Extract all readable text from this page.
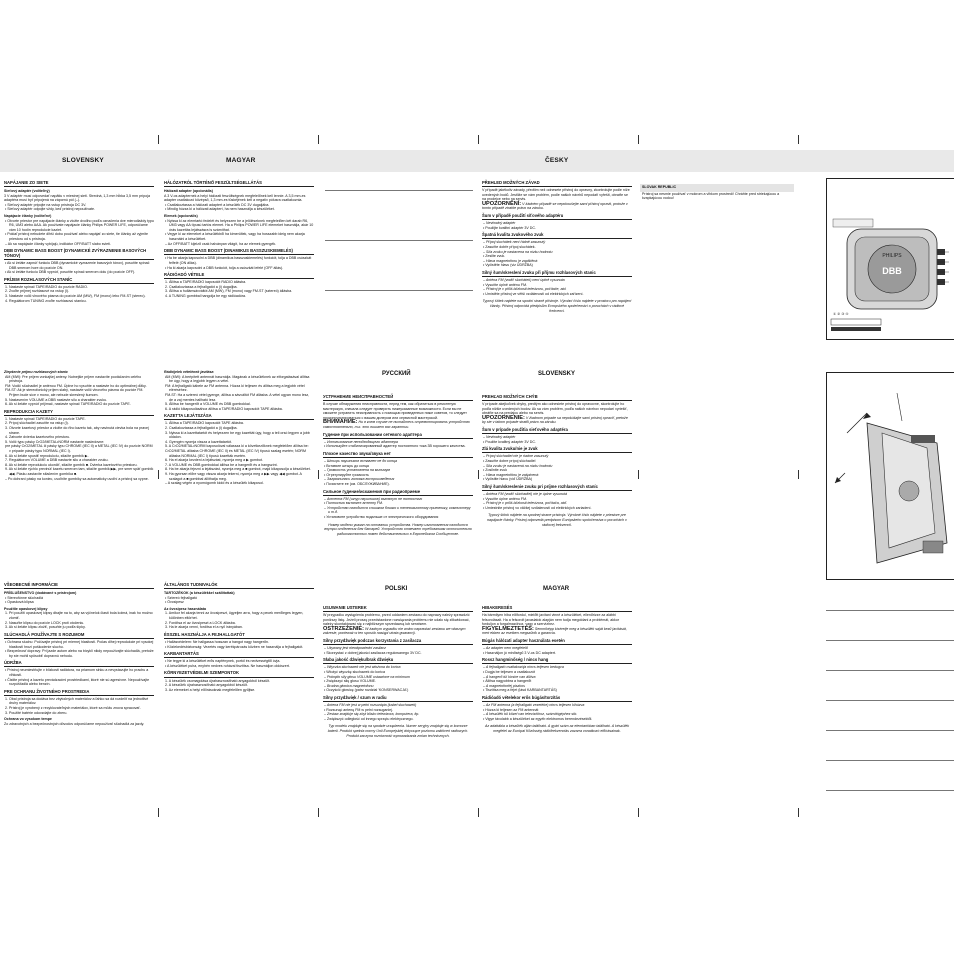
SLOVENSKY	MAGYAR	ČESKY
NAPÁJANIE ZO SIETE
Sieťový adaptér (voliteľný)

3 V adaptér musí odpovedať napätiu v miestnej sieti. Stredná, 1,3 mm hĺbka 3,5 mm prípoja adaptéra musí byť pripojená na zápornú pól (–).

• Sieťový adaptér pripojte na vstup prístroja DC 3V.

• Sieťový adaptér odpojte vždy, keď prístroj nepoužívate.

Napájacie články (voliteľné)

• Otvorte priestor pre napájacie články a vložte dvoliho podľa označenia dve mierodlaždy typu R6, UM3 alebo AAA. Ak používate napájacie články Philips POWER LIFE, odporúčame vám 10 hodín reprodukcie kaziet.

• Pokiaľ prístroj nebudete dlhší dobu používať alebo napájať zo siete, tie články až vyjmite priestoru od s prístroja.

– Ak sa napájacie články vybíjajú, indikátor OFF/BATT slabo svieti.

DBB DYNAMIC BASS BOOST (DYNAMICKÉ ZVÝRAZNENIE BASOVÝCH TÓNOV)

• Ak si želáte zapnúť funkciu DBB (dynamické vyzrazenie basových tónov), posuňte spínač DBB smerom hore do pozície ON.

• Ak si želáte funkciu DBB vypnúť, posuňte spínač smerom dolu (do pozície OFF).

PRÍJEM ROZHLASOVÝCH STANÍC

1. Nastavte spínač TAPE/RADIO do pozície RADIO.

2. Zvoľte príjmej rozhlasové na vstup (i).

3. Nastavte volič vlnového pásma do pozície AM (MW), FM (mono) lebo FM-ST (stereo).

4. Regulátorom TUNING zvoľte rozhlasovú stanicu.

Zlepšenie príjmu rozhlasových staníc

AM (MW): Pre príjem vonkajšej anteny. Nutnejšie príjem nastavíte pootáčaním celého prístroja.

FM: Vodič slúchadiel je anténou FM. Úplne ho vysuňte a nastavte ho do optimálnej dĺžky.

FM-ST: Ak je stereofonický príjem slabý, nastavte volič vlnového pásma do pozície FM. Príjem bude síce v mono, ale nebude skreslený šumom.

5. Nastavením VOLUME a DBB nastavte silu a charakter zvuku.

6. Ak si želáte vypnúť prijímač, nastavte spínač TAPE/RADIO do pozície TAPE.

REPRODUKCIA KAZETY

1. Nastavte spínač TAPE/RADIO do pozície TAPE.

2. Prípoj slúchadiel zasuňte na vstup (i).

3. Otvorte kazetový priestor a vložte do ňho kazetu tak, aby navinutá cievka bola na pravej strane.

4. Zatvorte dvierka kazetového priestoru.

5. Volič typu pásky CrO2/METAL•NORM nastavte nasledovne:

pre pásky CrO2/METAL či pásky typu CHROME (IEC II) a METAL (IEC IV) do pozície NORM v prípade pásky typu NORMAL (IEC I).

6. Ak si želáte spustiť reprodukciu, stlačte gombík ▶.

7. Regulátorom VOLUME a DBB nastavte silu a charakter zvuku.

8. Ak si želáte reprodukciu ukončiť, stlačte gombík ■. Dvierka kazetového priestoru.

9. Ak si želáte rýchlo previnúť kazetu smerom tam, stlačte gombík ▶▶, pre smer späť gombík ◀◀. Pásku zastavíte stlačením gombíka ■.

– Po dohraní pásky na koniec, uvoľnite gombíky sa automaticky uvoľní a prístroj sa vypne.

VŠEOBECNÉ INFORMÁCIE
PRÍSLUŠENSTVO (dodávané s prístrojom)

• Stereofónne slúchadlá

• Opasková klipsa

Použitie opaskovej klipsy

1. Pri použití opaskovej klipsy dbajte na to, aby sa výčnelok čiastí bola kolmá, inak ho možno zlomiť.

2. Nasuňte klipsu do pozície LOCK proti otočeniu.

3. Ak si želáte klipsu zložiť, posuňte ju podľa šípky.

SLÚCHADLÁ POUŽÍVAJTE S ROZUMOM

• Ochrana sluchu: Počúvajte prístroj pri miernej hlasitosti. Počas dlhej reprodukcie pri vysokej hlasitosti hrozí poškodenie sluchu.

• Bezpečnosť dopravy: Pri jazde autom alebo na bicykli nikdy nepoužívajte slúchadlá, pretože by ste mohli spôsobiť dopravnú nehodu.

ÚDRŽBA

• Prístroj neumiestňujte v blízkosti radiátora, na priamom slnku a nevystavujte ho prachu a vlhkosti.

• Čistite prístroj a kazetu prevádzacími prostriedkami, ktoré nie sú agresívne. Nepoužívajte rozpúšťadlá alebo benzín.

PRE OCHRANU ŽIVOTNÉHO PROSTREDIA

1. Obal prístroja sa dodáva bez zbytočných materiálov a ľahko sa dá rozdeliť na jednotlivé druhy materiálov.

2. Prístroj je vyrobený z recyklovateľných materiálov, ktoré sa môžu znova spracovať.

3. Použité batérie odovzdajte do zberu.

Ochrana vo vysokom tempe

Zo zdravotných a bezpečnostných dôvodov odporúčame nepoužívať slúchadlá za jazdy.

HÁLÓZATRÓL TÖRTÉNŐ FESZÜLTSÉGELLÁTÁS
Hálózati adapter (opcionális)

A 3 V-os adapternek a helyi hálózati feszültségnek megfelelőnek kell lennie. A 3,5 mm-es adapter csatlakozó középső, 1,3 mm-es tüskéjének kell a negatív pólusra csatlakoznia.

• Csatlakoztassa a hálózati adaptert a készülék DC 3V dugaljába.

• Mindig húzza ki a hálózati adaptert, ha nem használja a készüléket.

Elemek (opcionális)

• Nyissa ki az elemtartó fedelét és helyezzen be a jelöléseknek megfelelően két darab R6, UM3 vagy AA típusú tartós elemet. Ha a Philips POWER LIFE elemeket használja, akár 10 órás kazettás lejátszásra is számíthat.

• Vegye ki az elemeket a készülékből ha kimerültek, vagy ha hosszabb ideig nem akarja használni a készüléket.

– Az OFF/BATT kijelző csak halványan világít, ha az elemek gyengék.

DBB DYNAMIC BASS BOOST (DINAMIKUS BASSZUSKIEMELÉS)

• Ha be akarja kapcsolni a DBB (dinamikus basszuskiemelés) funkciót, tolja a DBB csúszkát felfelé (ON állás).

• Ha ki akarja kapcsolni a DBB funkciót, tolja a csúszkát lefelé (OFF állás).

RÁDIÓADÓ VÉTELE

1. Állítsa a TAPE/RADIO kapcsolót RADIO állásba.

2. Csatlakoztassa a fejhallgatót a (i) dugaljba.

3. Állítsa a hullámsávváltót AM (MW), FM (mono) vagy FM-ST (sztereó) állásba.

4. A TUNING gombbal hangolja be egy rádióadóra.

Rádiójelek vételének javítása

AM (MW): A beépített antennát használja. Magának a készüléknek az elforgatásával állítsa be úgy, hogy a legjobb legyen a vétel.

FM: A fejhallgató kábele az FM antenna. Húzza ki teljesen és állítsa meg a legjobb vétel eléréséhez.

FM-ST: Ha a sztereó vétel gyenge, állítsa a sávváltót FM állásba. A vétel ugyan mono lesz, de a zaj mentes hallható lesz.

5. Állítsa be hangerőt a VOLUME és DBB gombokkal.

6. A rádió kikapcsolásához állítsa a TAPE/RADIO kapcsolót TAPE állásba.

KAZETTA LEJÁTSZÁSA

1. Állítsa a TAPE/RADIO kapcsolót TAPE állásba.

2. Csatlakoztassa a fejhallgatót a (i) dugaljba.

3. Nyissa ki a kazettatartót és helyezzen be egy kazettát úgy, hogy a teli orsó legyen a jobb oldalon.

4. Gyengén nyomja vissza a kazettatartót.

5. A CrO2/METAL•NORM kapcsolóval válassza ki a következőknek megfelelően állítsa be:

CrO2/METAL állásba CHROME (IEC II) és METAL (IEC IV) típusú szalag esetén; NORM állásba NORMAL (IEC I) típusú kazetták esetén.

6. Ha el akarja kezdeni a lejátszást, nyomja meg a ▶ gombot.

7. A VOLUME és DBB gombokkal állítsa be a hangerőt és a hangszínt.

8. Ha be akarja fejezni a lejátszást, nyomja meg a ■ gombot, majd kikapcsolja a készüléket.

9. Ha gyorsan előre vagy vissza akarja tekerni, nyomja meg a ▶▶ vagy ◀◀ gombot. A szalagot a ■ gombbal állíthatja meg.

– A szalag végén a nyomógomb kiold és a készülék kikapcsol.

ÁLTALÁNOS TUDNIVALÓK
TARTOZÉKOK (a készülékkel szállítottak)

• Sztereó fejhallgató

• Övcsipesz

Az övcsipesz használata

1. Amikor fel akarja tenni az övcsipeszt, ügyeljen arra, hogy a pecek merőleges legyen, különben eltörhet.

2. Fordítsa el az övcsipeszt a LOCK állásba.

3. Ha le akarja venni, fordítsa el a nyíl irányában.

ÉSSZEL HASZNÁLJA A FEJHALLGATÓT

• Hallásvédelem: Ne hallgassa hosszan a hangot nagy hangerőn.

• Közlekedésbiztonság: Vezetés vagy kerékpározás közben ne használja a fejhallgatót.

KARBANTARTÁS

• Ne tegye ki a készüléket erős napfénynek, portól és nedvességtől óvja.

• A készüléket puha, enyhén nedves ruhával tisztítsa. Ne használjon oldószert.

KÖRNYEZETVÉDELMI SZEMPONTOK

1. A készülék csomagolása újrahasznosítható anyagokból készült.

2. A készülék újrahasznosítható anyagokból készült.

3. Az elemeket a helyi előírásoknak megfelelően gyűjtse.

PŘEHLED MOŽNÝCH ZÁVAD

V případě jakékoliv závady, předtím než odnesete přístroj do opravny, zkontrolujte podle níže uvedených bodů. Jestliže se vám problém, podle našich návrhů nepodaří vyřešit, obraťte se na prodejce nebo na servis.

UPOZORNĚNÍ: V žádném případě se nepokoušejte sami přístroj opravit, protože v tomto případě ztratíte právo na záruku.

Šum v případě použití síťového adaptéru

– Nevhodný adaptér

• Použijte kvalitní adaptér 3V DC.

Špatná kvalita zvukového zvuk

– Přípoj sluchátek není řádně zasunutý

• Zasuňte dobře přípoj sluchátek.

– Síla zvuku je nastavena na nízku hodnotu

• Zesilte zvuk.

– Hlava magnetofonu je zaplštěná

• Vyčistěte hlavu (viz ÚDRŽBA)

Silný šum/skreslení zvuku při příjmu rozhlasových stanic

– Anténa FM (vodič sluchátek) není úplně vysunuta

• Vysuňte úplně anténu FM.

– Přístroj je v příliš blízkosti televizoru, počítače, atd.

• Umístěte přístroj ve větší vzdálenosti od elektrických zařízení.

Typový štítek najdete na spodní straně přístroje. Výrobní číslo najdete v prostoru pro napájecí články. Přístroj odpovídá předpisům Evropského společenství o poruchách v rádiové frekvenci.

SLOVAK REPUBLIC

Prístroj sa nesmie používať v mokrom a vlhkom prostredí! Chráňte pred striekajúcou a kvapkajúcou vodou!

DBB
PHILIPS
① ② ③ ④
РУССКИЙ	SLOVENSKY
УСТРАНЕНИЕ НЕИСПРАВНОСТЕЙ

В случае обнаружения неисправности, перед тем, как обратиться в ремонтную мастерскую, сначала следует проверить нижеуказанные возможности. Если вы не сможете устранить неисправность с помощью приведенных ниже советов, то следует проконсультироваться с вашим дилером или сервисной мастерской.

ВНИМАНИЕ: Ни в коем случае не пытайтесь отремонтировать устройство самостоятельно, т.к. это лишает вас гарантии.

Гудение при использовании сетевого адаптера

– Использование неподходящего адаптера

• Используйте стабилизированный адаптер постоянного тока 3В хорошего качества.

Плохое качество звука/звука нет

– Штырь наушников вставлен не до конца

• Вставьте штырь до конца

– Громкость установлена на минимум

• Отрегулируйте громкость

– Загрязнилась головка воспроизведения

• Почистите ее (см. ОБСЛУЖИВАНИЕ).

Сильное гудение/искажения при радиоприеме

– Антенна FM (шнур наушников) вытянут не полностью

• Полностью вытяните антенну FM.

– Устройство находится слишком близко к телевизионному приемнику, компьютеру и т.д.

• Установите устройство подальше от электрического оборудования

Номер модели указан на основании устройства. Номер изготовления находится внутри отделения для батарей. Устройство отвечает требованиям относительно радиочастотных помех действительных в Европейском Сообществе.

PREHĽAD MOŽNÝCH CHÝB

V prípade akejkoľvek chyby, predtým ako odnesiete prístroj do opravovne, skontrolujte ho podľa nižšie uvedených bodov. Ak sa vám problém, podľa našich návrhov nepodarí vyriešiť, obráťte sa na predajcu alebo na servis.

UPOZORNENIE: V žiadnom prípade sa nepokúšajte sami prístroj opraviť, pretože by ste v takom prípade stratili právo na záruku.

Šum v prípade použitia sieťového adaptéra

– Nevhodný adaptér

• Použite kvalitný adaptér 3V DC.

Zlá kvalita zvuku/nie je zvuk

– Prípoj slúchadiel nie je riadne zasunutý

• Zasuňte dobre prípoj slúchadiel

– Sila zvuku je nastavená na nízku hodnotu

• Zosilnite zvuk

– Hlava magnetofónu je zašpinená

• Vyčistite hlavu (viď ÚDRŽBA)

Silný šum/skreslenie zvuku pri príjme rozhlasových staníc

– Anténa FM (vodič slúchadiel) nie je úplne vysunutá

• Vysuňte úplne anténu FM.

– Prístroj je v príliš blízkosti televízora, počítača, atď.

• Umiestnite prístroj vo väčšej vzdialenosti od elektrických zariadení.

Typový štítok nájdete na spodnej strane prístroja. Výrobné číslo nájdete v priestore pre napájacie články. Prístroj odpovedá predpisom Európskeho spoločenstva o poruchách v rádiovej frekvencii.

POLSKI	MAGYAR
USUWANIE USTEREK

W przypadku wystąpienia problemu, przed oddaniem zestawu do naprawy należy sprawdzić poniższy listę. Jeżeli proszę przedstawione rozwiązania problemu nie udało się zlikwidować, należy skontaktować się z najbliższym sprzedawcą lub serwisem.

OSTRZEŻENIE: W żadnym wypadku nie wolno naprawiać zestawu we własnym zakresie, ponieważ w ten sposób nastąpi utrata gwarancji.

Silny przydźwięk podczas korzystania z zasilacza

– Używany jest nieodpowiedni zasilacz

• Skorzystać z dobrej jakości zasilacza regulowanego 3V DC.

Słaba jakość dźwięku/brak dźwięku

– Wtyczka słuchawek nie jest włożona do końca

• Włożyć wtyczkę słuchawek do końca

– Pokrętło siły głosu VOLUME ustawione na minimum

• Zwiększyć siłę głosu VOLUME.

– Brudna głowica magnetofonu

• Oczyścić głowicę (patrz rozdział 'KONSERWACJA')

Silny przydźwięk / szum w radiu

– Antena FM nie jest w pełni rozsunięta (kabel słuchawek)

• Rozsunąć antenę FM w pełni rozsuganiej.

– Zestaw znajduje się zbyt blisko telewizora, komputera, itp.

– Zwiększyć odległość od innego sprzętu elektrycznego.

Typ modelu znajduje się na spodzie urządzenia. Numer seryjny znajduje się w komorze baterii. Produkt spełnia normy Unii Europejskiej dotyczące poziomu zakłóceń radiowych. Produkt zaczyna rozrówność wprowadzania zmian technicznych.

HIBAKERESÉS

Ha bármilyen hiba előfordul, mielőtt javítani vinné a készüléket, ellenőrizze az alábbi felsorolásait. Ha a felsorolt javaslatok alapján nem tudja megoldani a problémát, akkor forduljon a forgalmazóhoz, vagy a szervizhez.

FIGYELMEZTETÉS: Semmiképp kísérelje meg a készülék saját kezű javítását, mert ebben az esetben megszűnik a garancia.

Búgás hálózati adapter használata esetén

– Az adapter nem megfelelő

• Használjon jó minőségű 3 V-os DC adaptert.

Rossz hangminőség / nincs hang

– A fejhallgató csatlakozója nincs teljesen bedugva

• Dugja be teljesen a csatlakozót

– A hangerő túl kicsire van állítva

• Állítsa nagyobbra a hangerőt

– A magnetofonfej piszkos

• Tisztítsa meg a fejet (lásd KARBANTARTÁS)

Rádióadó vételekor erős búgás/torzítás

– Az FM antenna (a fejhallgató vezetéke) nincs teljesen kihúzva

• Húzza ki teljesen az FM antennát

– A készülék túl közel van televízióhoz, számítógéphez stb.

• Vigye távolabb a készüléket az egyéb elektromos berendezésektől.

Az adattábla a készülék alján található. A gyári szám az elemtartóban található. A készülék megfelel az Európai Közösség rádiófrekvenciás zavarra vonatkozó előírásainak.
